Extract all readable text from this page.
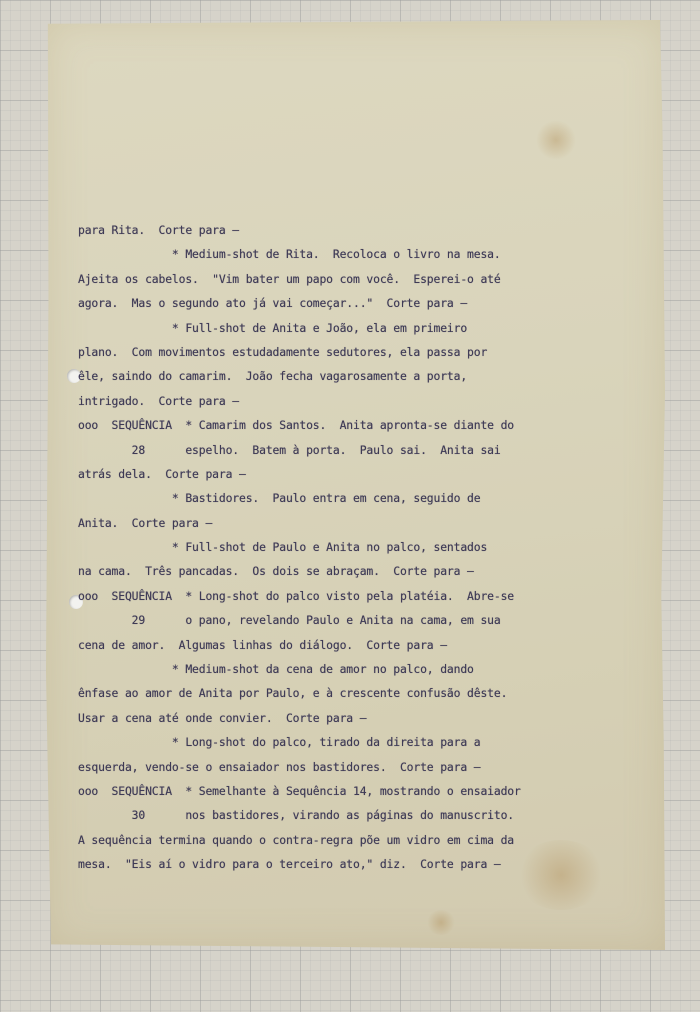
para Rita.  Corte para —
* Medium-shot de Rita.  Recoloca o livro na mesa.
Ajeita os cabelos.  "Vim bater um papo com você.  Esperei-o até
agora.  Mas o segundo ato já vai começar..."  Corte para —
* Full-shot de Anita e João, ela em primeiro
plano.  Com movimentos estudadamente sedutores, ela passa por
êle, saindo do camarim.  João fecha vagarosamente a porta,
intrigado.  Corte para —
ooo  SEQUÊNCIA  * Camarim dos Santos.  Anita apronta-se diante do
28      espelho.  Batem à porta.  Paulo sai.  Anita sai
atrás dela.  Corte para —
* Bastidores.  Paulo entra em cena, seguido de
Anita.  Corte para —
* Full-shot de Paulo e Anita no palco, sentados
na cama.  Três pancadas.  Os dois se abraçam.  Corte para —
ooo  SEQUÊNCIA  * Long-shot do palco visto pela platéia.  Abre-se
29      o pano, revelando Paulo e Anita na cama, em sua
cena de amor.  Algumas linhas do diálogo.  Corte para —
* Medium-shot da cena de amor no palco, dando
ênfase ao amor de Anita por Paulo, e à crescente confusão dêste.
Usar a cena até onde convier.  Corte para —
* Long-shot do palco, tirado da direita para a
esquerda, vendo-se o ensaiador nos bastidores.  Corte para —
ooo  SEQUÊNCIA  * Semelhante à Sequência 14, mostrando o ensaiador
30      nos bastidores, virando as páginas do manuscrito.
A sequência termina quando o contra-regra põe um vidro em cima da
mesa.  "Eis aí o vidro para o terceiro ato," diz.  Corte para —
